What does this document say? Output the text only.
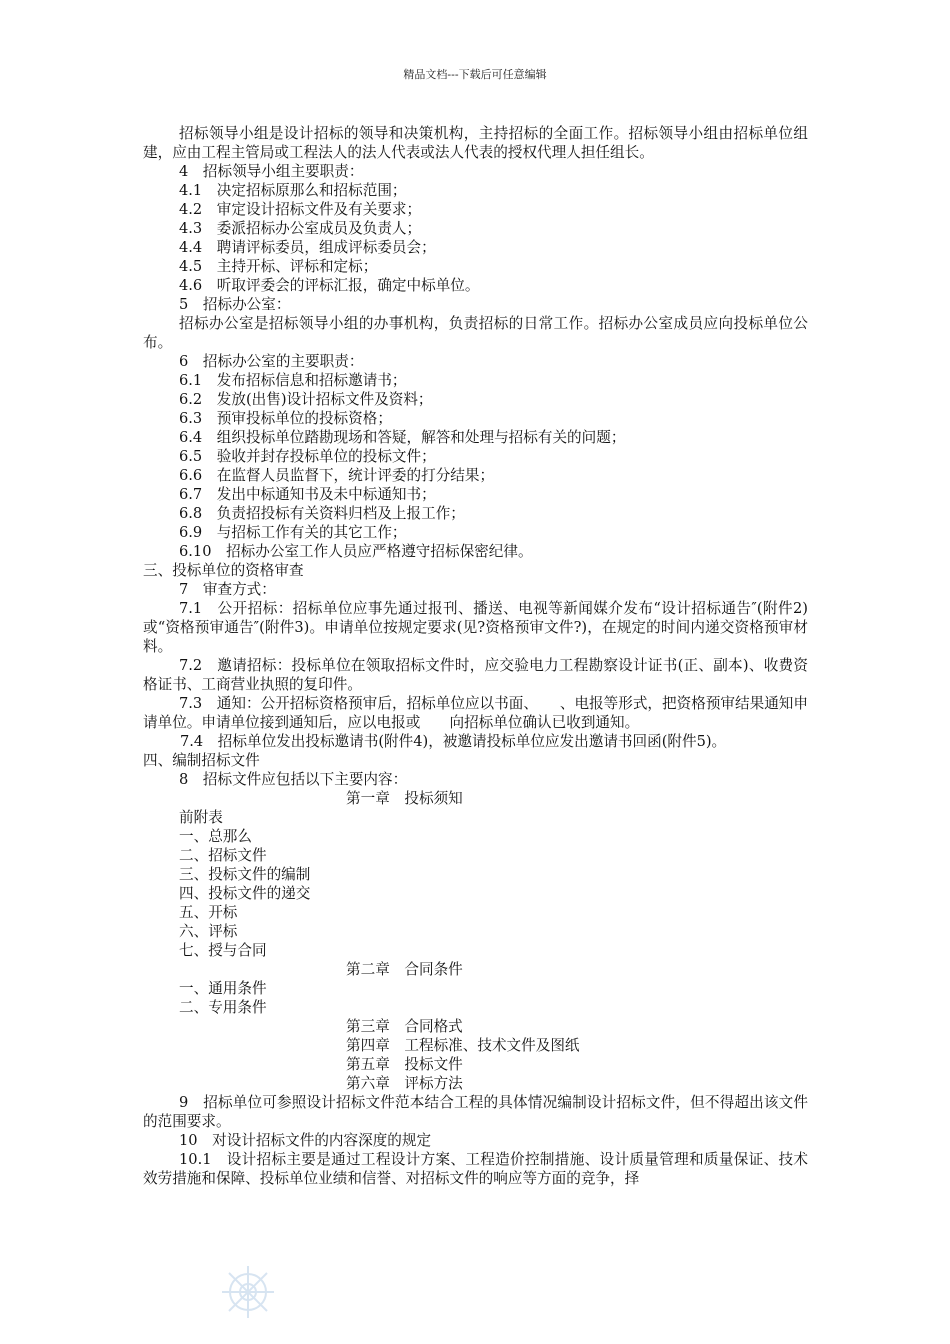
精品文档---下载后可任意编辑
招标领导小组是设计招标的领导和决策机构，主持招标的全面工作。招标领导小组由招标单位组建，应由工程主管局或工程法人的法人代表或法人代表的授权代理人担任组长。
4　招标领导小组主要职责：
4.1　决定招标原那么和招标范围；
4.2　审定设计招标文件及有关要求；
4.3　委派招标办公室成员及负责人；
4.4　聘请评标委员，组成评标委员会；
4.5　主持开标、评标和定标；
4.6　听取评委会的评标汇报，确定中标单位。
5　招标办公室：
招标办公室是招标领导小组的办事机构，负责招标的日常工作。招标办公室成员应向投标单位公布。
6　招标办公室的主要职责：
6.1　发布招标信息和招标邀请书；
6.2　发放(出售)设计招标文件及资料；
6.3　预审投标单位的投标资格；
6.4　组织投标单位踏勘现场和答疑，解答和处理与招标有关的问题；
6.5　验收并封存投标单位的投标文件；
6.6　在监督人员监督下，统计评委的打分结果；
6.7　发出中标通知书及未中标通知书；
6.8　负责招投标有关资料归档及上报工作；
6.9　与招标工作有关的其它工作；
6.10　招标办公室工作人员应严格遵守招标保密纪律。
三、投标单位的资格审查
7　审查方式：
7.1　公开招标：招标单位应事先通过报刊、播送、电视等新闻媒介发布“设计招标通告″(附件2)或“资格预审通告″(附件3)。申请单位按规定要求(见?资格预审文件?)，在规定的时间内递交资格预审材料。
7.2　邀请招标：投标单位在领取招标文件时，应交验电力工程勘察设计证书(正、副本)、收费资格证书、工商营业执照的复印件。
7.3　通知：公开招标资格预审后，招标单位应以书面、　　、电报等形式，把资格预审结果通知申请单位。申请单位接到通知后，应以电报或　　向招标单位确认已收到通知。
7.4　招标单位发出投标邀请书(附件4)，被邀请投标单位应发出邀请书回函(附件5)。
四、编制招标文件
8　招标文件应包括以下主要内容：
第一章　投标须知
前附表
一、总那么
二、招标文件
三、投标文件的编制
四、投标文件的递交
五、开标
六、评标
七、授与合同
第二章　合同条件
一、通用条件
二、专用条件
第三章　合同格式
第四章　工程标准、技术文件及图纸
第五章　投标文件
第六章　评标方法
9　招标单位可参照设计招标文件范本结合工程的具体情况编制设计招标文件，但不得超出该文件的范围要求。
10　对设计招标文件的内容深度的规定
10.1　设计招标主要是通过工程设计方案、工程造价控制措施、设计质量管理和质量保证、技术效劳措施和保障、投标单位业绩和信誉、对招标文件的响应等方面的竞争，择
